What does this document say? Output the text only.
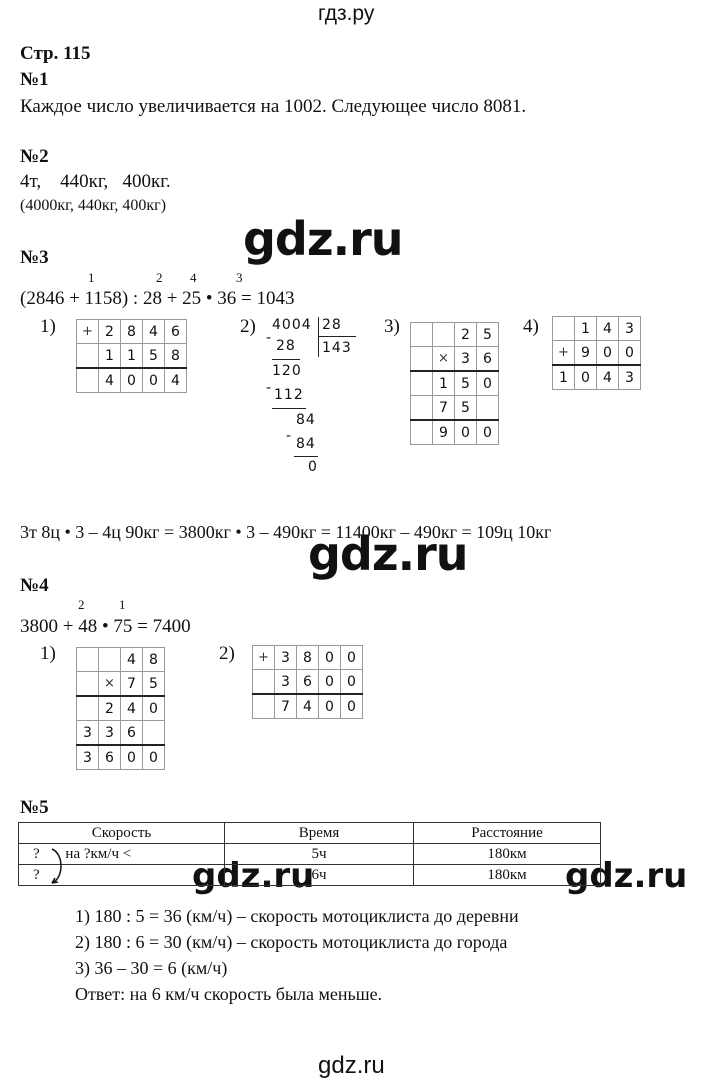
гдз.ру
gdz.ru
gdz.ru
gdz.ru	gdz.ru
gdz.ru
Стр. 115
№1
Каждое число увеличивается на 1002. Следующее число 8081.
№2
4т,    440кг,   400кг.
(4000кг, 440кг, 400кг)
№3
1	2 4	3
(2846 + 1158) : 28 + 25 • 36 = 1043
1) +	2	8	4	6
	1	1	5	8
	4	0	0	4
2) 4004 28
143
- 28
120
- 112
84
- 84
0
3)
			2	5
	×	3	6
	1	5	0
	7	5	
	9	0	0
4)
		1	4	3
+	9	0	0
1	0	4	3
3т 8ц • 3 – 4ц 90кг = 3800кг • 3 – 490кг = 11400кг – 490кг = 109ц 10кг
№4
2	1
3800 + 48 • 75 = 7400
1)
			4	8
	×	7	5
	2	4	0
3	3	6	
3	6	0	0
2) +	3	8	0	0
	3	6	0	0
	7	4	0	0
№5
Скорость	Время	Расстояние
? на ?км/ч <	5ч	180км
?	6ч	180км
1) 180 : 5 = 36 (км/ч) – скорость мотоциклиста до деревни
2) 180 : 6 = 30 (км/ч) – скорость мотоциклиста до города
3) 36 – 30 = 6 (км/ч)
Ответ: на 6 км/ч скорость была меньше.
